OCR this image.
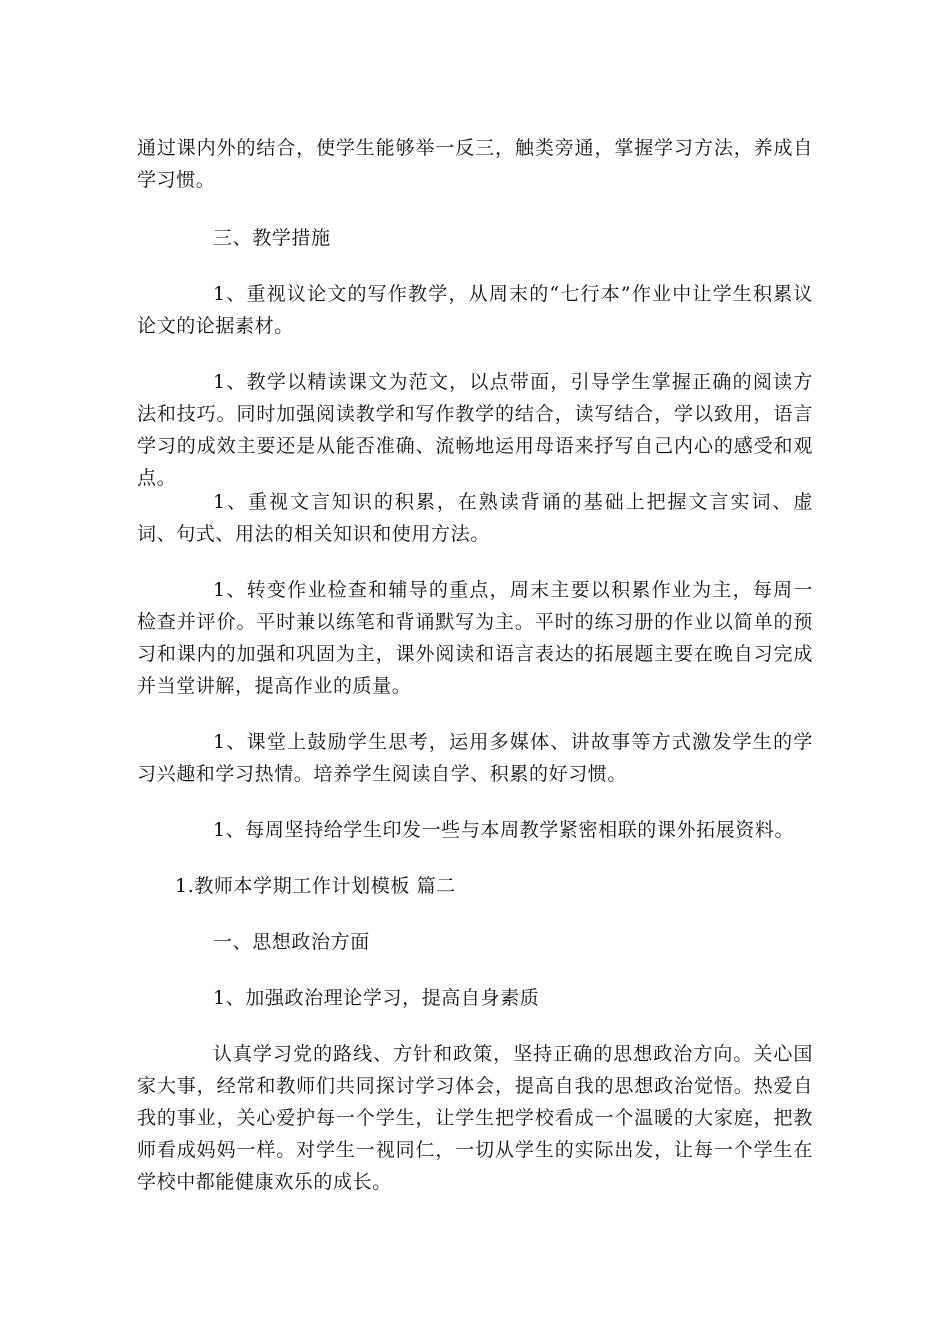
通过课内外的结合，使学生能够举一反三，触类旁通，掌握学习方法，养成自学习惯。

三、教学措施

1、重视议论文的写作教学，从周末的“七行本”作业中让学生积累议论文的论据素材。

1、教学以精读课文为范文，以点带面，引导学生掌握正确的阅读方法和技巧。同时加强阅读教学和写作教学的结合，读写结合，学以致用，语言学习的成效主要还是从能否准确、流畅地运用母语来抒写自己内心的感受和观点。

1、重视文言知识的积累，在熟读背诵的基础上把握文言实词、虚词、句式、用法的相关知识和使用方法。

1、转变作业检查和辅导的重点，周末主要以积累作业为主，每周一检查并评价。平时兼以练笔和背诵默写为主。平时的练习册的作业以简单的预习和课内的加强和巩固为主，课外阅读和语言表达的拓展题主要在晚自习完成并当堂讲解，提高作业的质量。

1、课堂上鼓励学生思考，运用多媒体、讲故事等方式激发学生的学习兴趣和学习热情。培养学生阅读自学、积累的好习惯。

1、每周坚持给学生印发一些与本周教学紧密相联的课外拓展资料。

1.教师本学期工作计划模板 篇二

一、思想政治方面

1、加强政治理论学习，提高自身素质

认真学习党的路线、方针和政策，坚持正确的思想政治方向。关心国家大事，经常和教师们共同探讨学习体会，提高自我的思想政治觉悟。热爱自我的事业，关心爱护每一个学生，让学生把学校看成一个温暖的大家庭，把教师看成妈妈一样。对学生一视同仁，一切从学生的实际出发，让每一个学生在学校中都能健康欢乐的成长。
